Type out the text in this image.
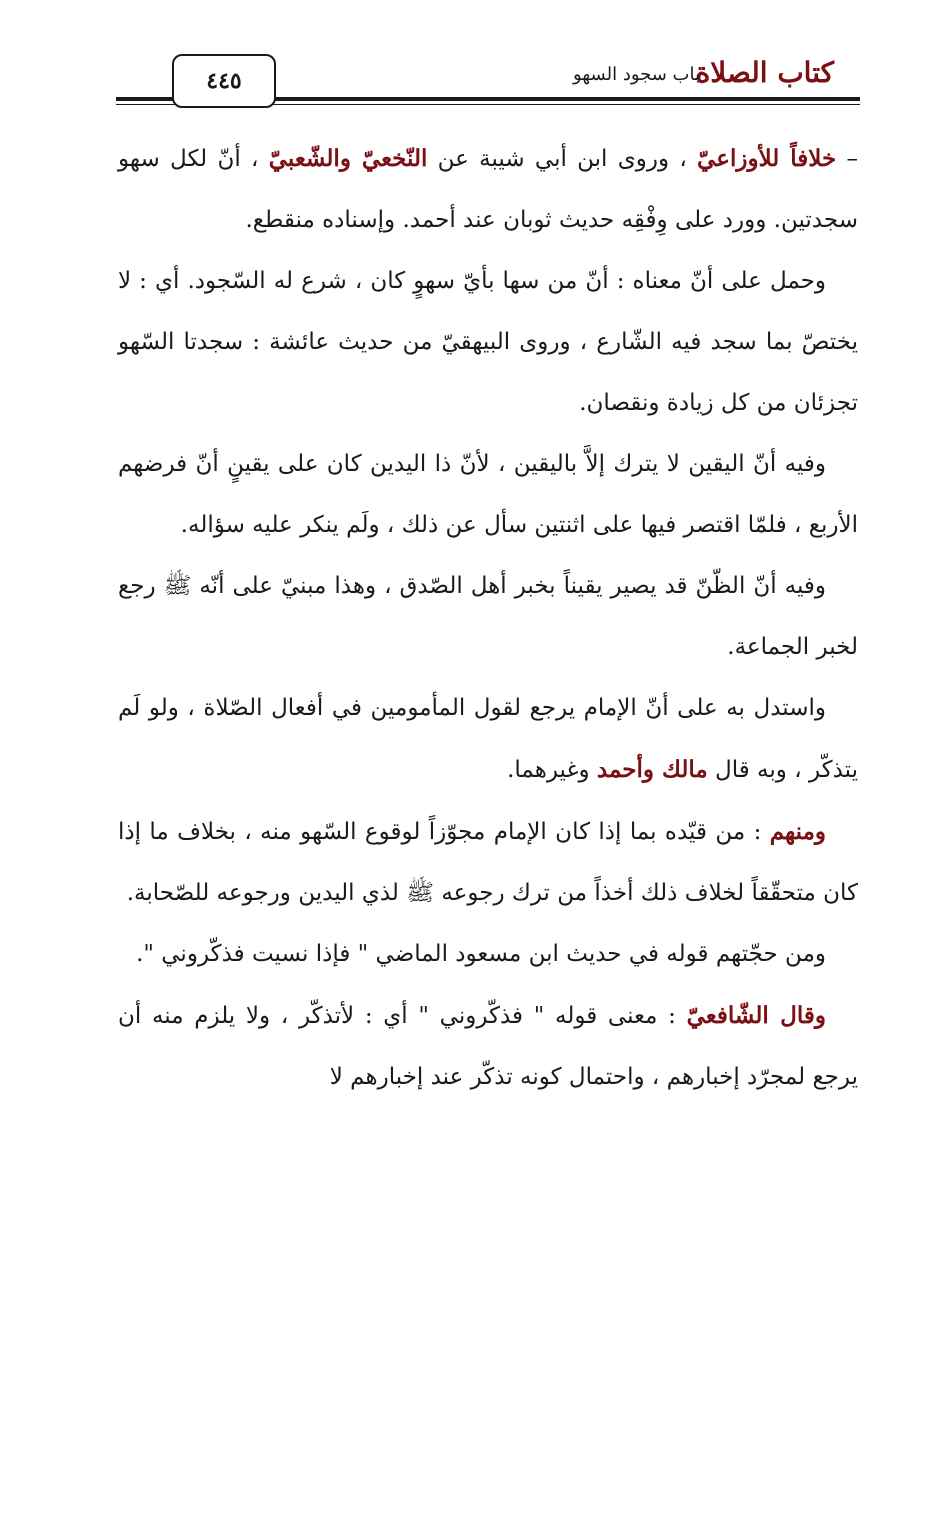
كتاب الصلاة
باب سجود السهو
٤٤٥

– خلافاً للأوزاعيّ ، وروى ابن أبي شيبة عن النّخعيّ والشّعبيّ ، أنّ لكل سهو سجدتين. وورد على وِفْقِه حديث ثوبان عند أحمد. وإسناده منقطع.

وحمل على أنّ معناه : أنّ من سها بأيّ سهوٍ كان ، شرع له السّجود. أي : لا يختصّ بما سجد فيه الشّارع ، وروى البيهقيّ من حديث عائشة : سجدتا السّهو تجزئان من كل زيادة ونقصان.

وفيه أنّ اليقين لا يترك إلاَّ باليقين ، لأنّ ذا اليدين كان على يقينٍ أنّ فرضهم الأربع ، فلمّا اقتصر فيها على اثنتين سأل عن ذلك ، ولَم ينكر عليه سؤاله.

وفيه أنّ الظّنّ قد يصير يقيناً بخبر أهل الصّدق ، وهذا مبنيّ على أنّه ﷺ رجع لخبر الجماعة.

واستدل به على أنّ الإمام يرجع لقول المأمومين في أفعال الصّلاة ، ولو لَم يتذكّر ، وبه قال مالك وأحمد وغيرهما.

ومنهم : من قيّده بما إذا كان الإمام مجوّزاً لوقوع السّهو منه ، بخلاف ما إذا كان متحقّقاً لخلاف ذلك أخذاً من ترك رجوعه ﷺ لذي اليدين ورجوعه للصّحابة.

ومن حجّتهم قوله في حديث ابن مسعود الماضي " فإذا نسيت فذكّروني ".

وقال الشّافعيّ : معنى قوله " فذكّروني " أي : لأتذكّر ، ولا يلزم منه أن يرجع لمجرّد إخبارهم ، واحتمال كونه تذكّر عند إخبارهم لا
